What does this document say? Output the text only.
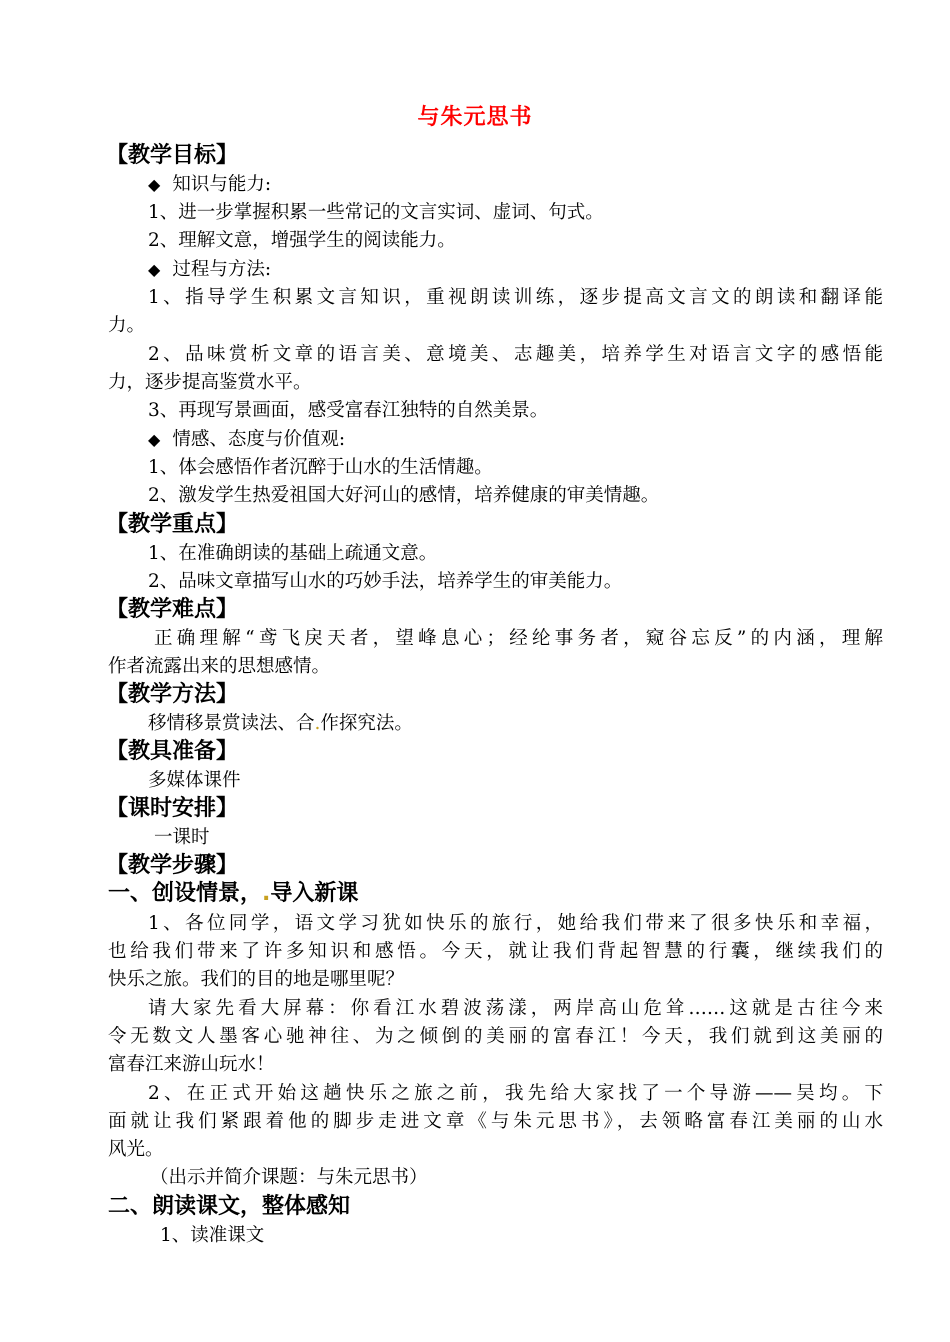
与朱元思书
【教学目标】
◆ 知识与能力:
1、进一步掌握积累一些常记的文言实词、虚词、句式。
2、理解文意，增强学生的阅读能力。
◆ 过程与方法:
1、指导学生积累文言知识，重视朗读训练，逐步提高文言文的朗读和翻译能
力。
2、品味赏析文章的语言美、意境美、志趣美，培养学生对语言文字的感悟能
力，逐步提高鉴赏水平。
3、再现写景画面，感受富春江独特的自然美景。
◆ 情感、态度与价值观:
1、体会感悟作者沉醉于山水的生活情趣。
2、激发学生热爱祖国大好河山的感情，培养健康的审美情趣。
【教学重点】
1、在准确朗读的基础上疏通文意。
2、品味文章描写山水的巧妙手法，培养学生的审美能力。
【教学难点】
正确理解“鸢飞戾天者，望峰息心；经纶事务者，窥谷忘反”的内涵，理解
作者流露出来的思想感情。
【教学方法】
移情移景赏读法、合.作探究法。
【教具准备】
多媒体课件
【课时安排】
一课时
【教学步骤】
一、创设情景，.导入新课
1、各位同学，语文学习犹如快乐的旅行，她给我们带来了很多快乐和幸福，
也给我们带来了许多知识和感悟。今天，就让我们背起智慧的行囊，继续我们的
快乐之旅。我们的目的地是哪里呢？
请大家先看大屏幕：你看江水碧波荡漾，两岸高山危耸……这就是古往今来
令无数文人墨客心驰神往、为之倾倒的美丽的富春江！今天，我们就到这美丽的
富春江来游山玩水！
2、在正式开始这趟快乐之旅之前，我先给大家找了一个导游——吴均。下
面就让我们紧跟着他的脚步走进文章《与朱元思书》，去领略富春江美丽的山水
风光。
（出示并简介课题：与朱元思书）
二、朗读课文，整体感知
1、读准课文
